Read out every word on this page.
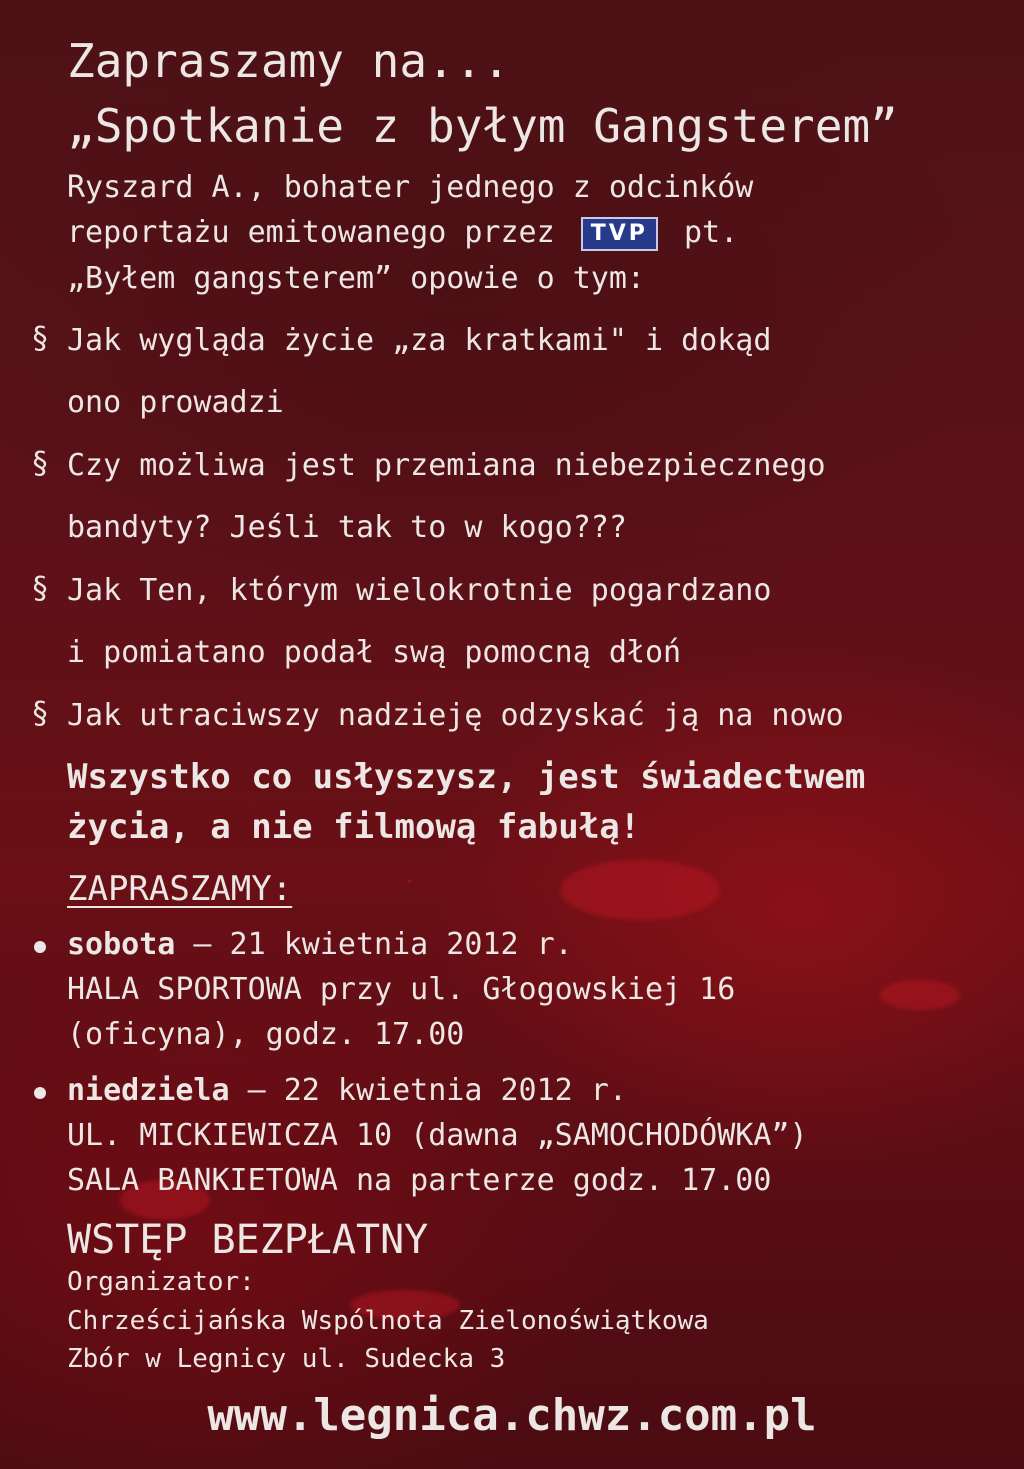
Zapraszamy na...
„Spotkanie z byłym Gangsterem”
Ryszard A., bohater jednego z odcinków
reportażu emitowanego przez TVP pt.
„Byłem gangsterem” opowie o tym:
§ Jak wygląda życie „za kratkami" i dokąd
ono prowadzi
§ Czy możliwa jest przemiana niebezpiecznego
bandyty? Jeśli tak to w kogo???
§ Jak Ten, którym wielokrotnie pogardzano
i pomiatano podał swą pomocną dłoń
§ Jak utraciwszy nadzieję odzyskać ją na nowo
Wszystko co usłyszysz, jest świadectwem
życia, a nie filmową fabułą!
ZAPRASZAMY:
sobota – 21 kwietnia 2012 r.
HALA SPORTOWA przy ul. Głogowskiej 16
(oficyna), godz. 17.00
niedziela – 22 kwietnia 2012 r.
UL. MICKIEWICZA 10 (dawna „SAMOCHODÓWKA”)
SALA BANKIETOWA na parterze godz. 17.00
WSTĘP BEZPŁATNY
Organizator:
Chrześcijańska Wspólnota Zielonoświątkowa
Zbór w Legnicy ul. Sudecka 3
www.legnica.chwz.com.pl
